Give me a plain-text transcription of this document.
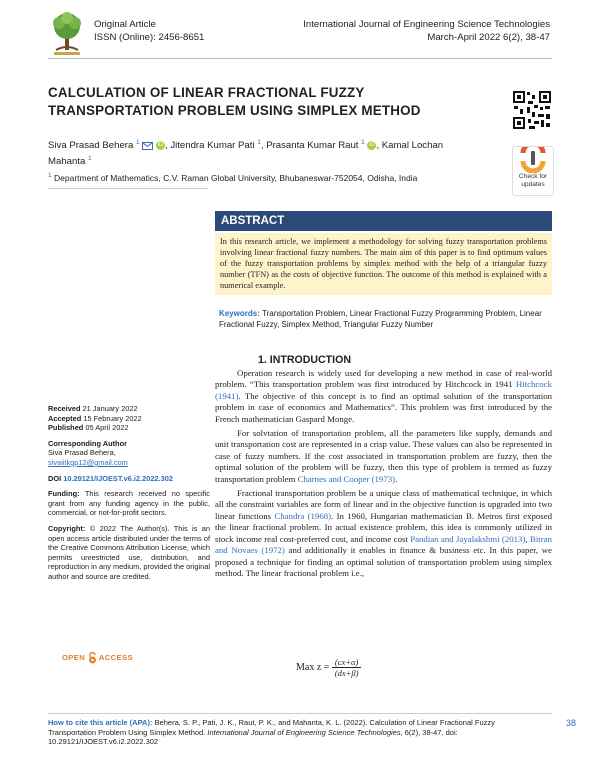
Original Article
ISSN (Online): 2456-8651
International Journal of Engineering Science Technologies
March-April 2022 6(2), 38-47
CALCULATION OF LINEAR FRACTIONAL FUZZY TRANSPORTATION PROBLEM USING SIMPLEX METHOD
Check for updates
Siva Prasad Behera $^1$	iD , Jitendra Kumar Pati $^1$, Prasanta Kumar Raut $^1$ iD , Kamal Lochan Mahanta $^1$
$^1$ Department of Mathematics, C.V. Raman Global University, Bhubaneswar-752054, Odisha, India
ABSTRACT
In this research article, we implement a methodology for solving fuzzy transportation problems involving linear fractional fuzzy numbers. The main aim of this paper is to find optimum values of the fuzzy transportation problems by simplex method with the help of a triangular fuzzy number (TFN) as the costs of objective function. The outcome of this method is explained with a numerical example.
Keywords: Transportation Problem, Linear Fractional Fuzzy Programming Problem, Linear Fractional Fuzzy, Simplex Method, Triangular Fuzzy Number

Received 21 January 2022

Accepted 15 February 2022

Published 05 April 2022

Corresponding Author

Siva Prasad Behera,

sivaiitkgp12@gmail.com

DOI 10.29121/IJOEST.v6.i2.2022.302

Funding: This research received no specific grant from any funding agency in the public, commercial, or not-for-profit sectors.

Copyright: © 2022 The Author(s). This is an open access article distributed under the terms of the Creative Commons Attribution License, which permits unrestricted use, distribution, and reproduction in any medium, provided the original author and source are credited.

1. INTRODUCTION

Operation research is widely used for developing a new method in case of real-world problem. “This transportation problem was first introduced by Hitchcock in 1941 Hitchcock (1941). The objective of this concept is to find an optimal solution of the transportation problem in case of economics and Mathematics”. This problem was first introduced by the French mathematician Gaspard Monge.

For solvtation of transportation problem, all the parameters like supply, demands and unit transportation cost are represented in a crisp value. These values can also be represented in case of fuzzy numbers. If the cost associated in transportation problem are fuzzy, then the optimal solution of the problem will be fuzzy, then this type of problem is termed as fuzzy transportation problem Charnes and Cooper (1973).

Fractional transportation problem be a unique class of mathematical technique, in which all the constraint variables are form of linear and in the objective function is upgraded into two linear functions Chandra (1968). In 1960, Hungarian mathematician B. Metros first exposed the linear fractional problem. In actual existence problem, this idea is commonly utilized in stock income real cost-preferred cost, and income cost Pandian and Jayalakshmi (2013), Bitran and Novaes (1972) and additionally it enables in finance & business etc. In this paper, we proposed a technique for finding an optimal solution of transportation problem using simplex method. The linear fractional problem i.e.,

Max $z = \frac{(cx+\alpha)}{(dx+\beta)}$
OPEN ACCESS
How to cite this article (APA): Behera, S. P., Pati, J. K., Raut, P. K., and Mahanta, K. L. (2022). Calculation of Linear Fractional Fuzzy Transportation Problem Using Simplex Method. International Journal of Engineering Science Technologies, 6(2), 38-47. doi: 10.29121/IJOEST.v6.i2.2022.302
38
